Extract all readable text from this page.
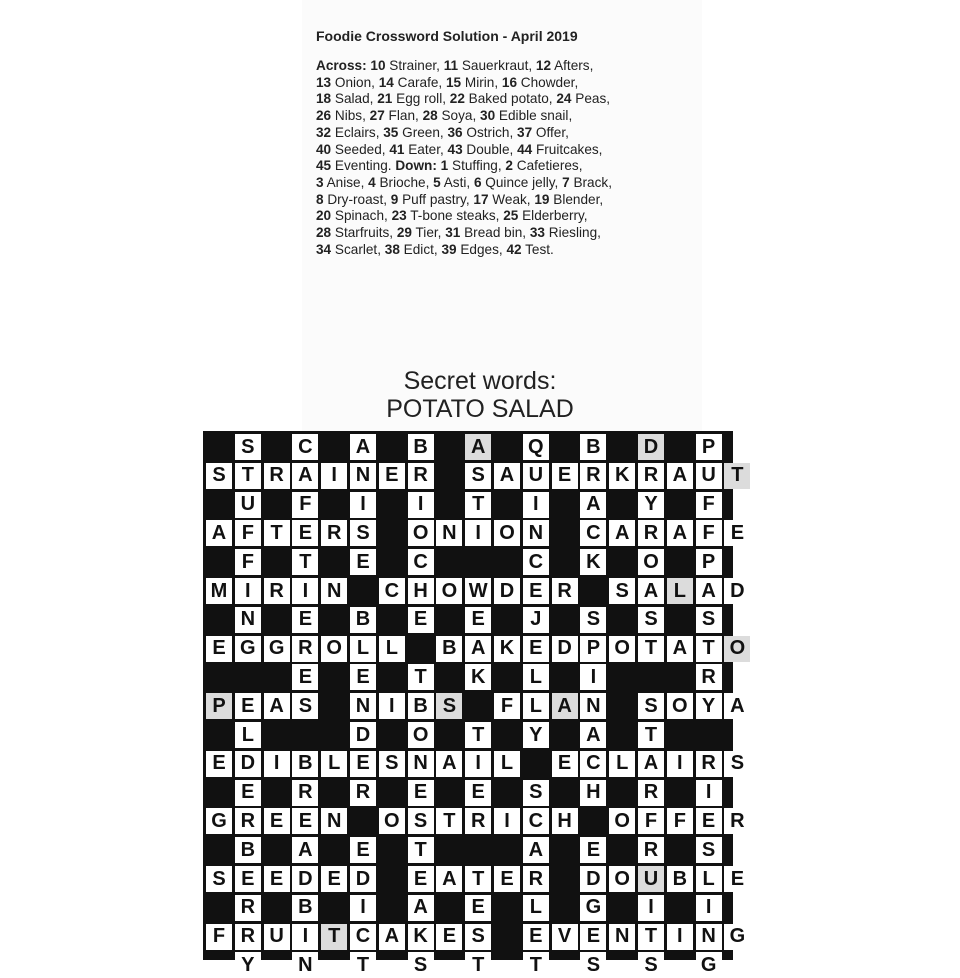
Foodie Crossword Solution - April 2019
Across: 10 Strainer, 11 Sauerkraut, 12 Afters,
13 Onion, 14 Carafe, 15 Mirin, 16 Chowder,
18 Salad, 21 Egg roll, 22 Baked potato, 24 Peas,
26 Nibs, 27 Flan, 28 Soya, 30 Edible snail,
32 Eclairs, 35 Green, 36 Ostrich, 37 Offer,
40 Seeded, 41 Eater, 43 Double, 44 Fruitcakes,
45 Eventing. Down: 1 Stuffing, 2 Cafetieres,
3 Anise, 4 Brioche, 5 Asti, 6 Quince jelly, 7 Brack,
8 Dry-roast, 9 Puff pastry, 17 Weak, 19 Blender,
20 Spinach, 23 T-bone steaks, 25 Elderberry,
28 Starfruits, 29 Tier, 31 Bread bin, 33 Riesling,
34 Scarlet, 38 Edict, 39 Edges, 42 Test.
Secret words:
POTATO SALAD
S	C A B A Q B D	P
S T R A I N E R	S A U E R K R A U T
U	F	I	I	T	I	A	Y	F
A F T E R S	O N I O N C A R A F E
F	T	E	C	C K O	P
M I R I N C H O W D E R	S A L A D
N	E	B	E	E	J	S	S	S
E G G R O L L	B A K E D P O T A T O
E	E	T	K	L	I	R
P E A S	N I B S	F L A N	S O Y A
L	D O	T	Y	A	T
E D I B L E S N A I L	E C L A I R S
E	R R	E	E	S	H R	I
G R E E N O S T R I C H O F F E R
B A	E	T	A	E	R	S
S E E D E D	E A T E R D O U B L E
R B	I	A	E	L	G	I	I
F R U I T C A K E S	E V E N T I N G
Y	N	T	S	T	T	S	S	G
